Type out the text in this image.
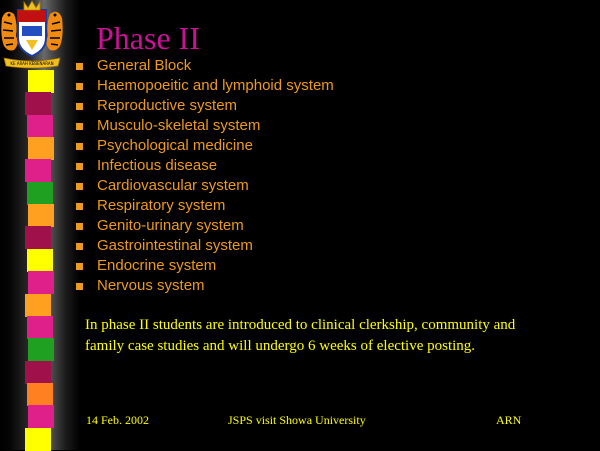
KE ARAH KEBENARAN
Phase II
General Block
Haemopoeitic and lymphoid system
Reproductive system
Musculo-skeletal system
Psychological medicine
Infectious disease
Cardiovascular system
Respiratory system
Genito-urinary system
Gastrointestinal system
Endocrine system
Nervous system
In phase II students are introduced to clinical clerkship, community and family case studies and will undergo 6 weeks of elective posting.
14 Feb. 2002	JSPS visit Showa University	ARN
